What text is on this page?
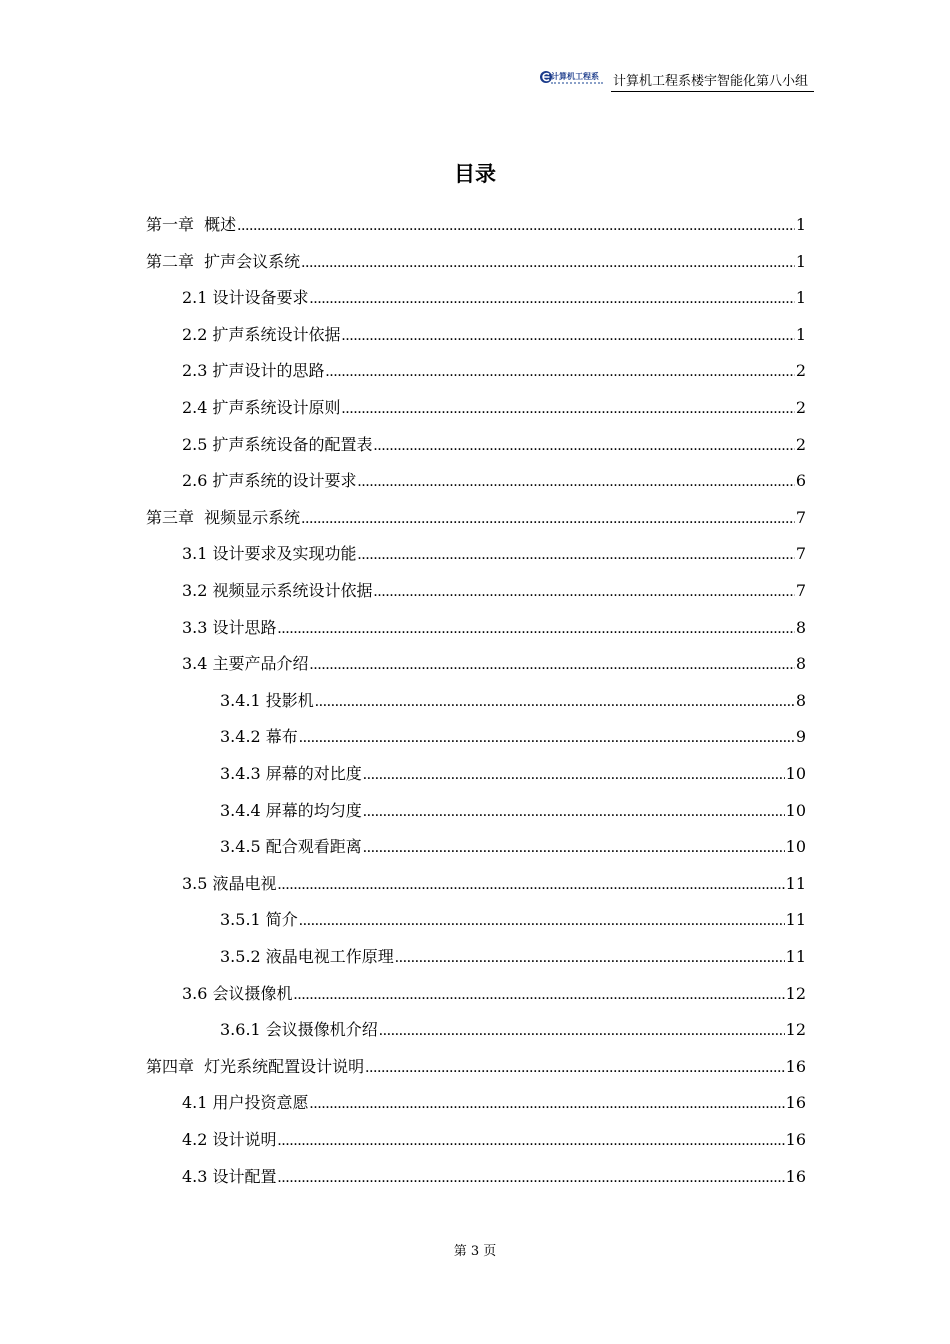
计算机工程系 计算机工程系楼宇智能化第八小组
目录
第一章  概述 .....	1
第二章  扩声会议系统 .....	1
2.1 设计设备要求 .....	1
2.2 扩声系统设计依据 .....	1
2.3 扩声设计的思路 .....	2
2.4 扩声系统设计原则 .....	2
2.5 扩声系统设备的配置表 .....	2
2.6 扩声系统的设计要求 .....	6
第三章  视频显示系统 .....	7
3.1 设计要求及实现功能 .....	7
3.2 视频显示系统设计依据 .....	7
3.3 设计思路 .....	8
3.4 主要产品介绍 .....	8
3.4.1 投影机 .....	8
3.4.2 幕布 .....	9
3.4.3 屏幕的对比度 .....	10
3.4.4 屏幕的均匀度 .....	10
3.4.5 配合观看距离 .....	10
3.5 液晶电视 .....	11
3.5.1 简介 .....	11
3.5.2 液晶电视工作原理 .....	11
3.6 会议摄像机 .....	12
3.6.1 会议摄像机介绍 .....	12
第四章  灯光系统配置设计说明 .....	16
4.1 用户投资意愿 .....	16
4.2 设计说明 .....	16
4.3 设计配置 .....	16
第 3 页
